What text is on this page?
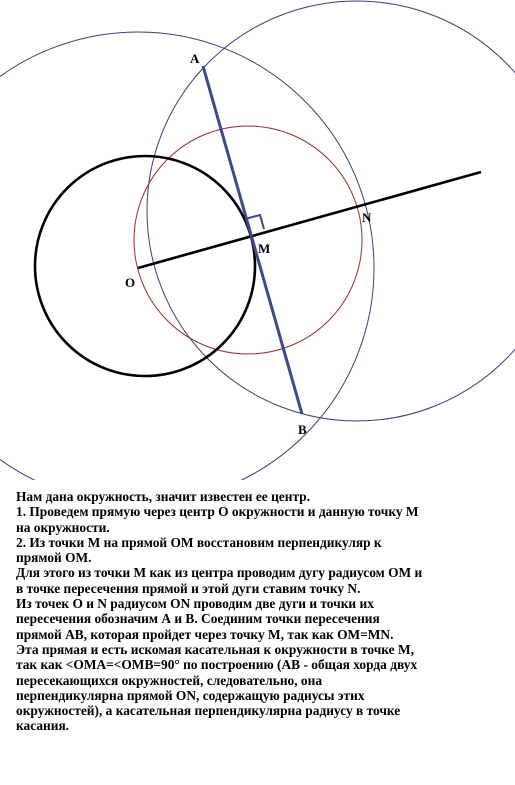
A
B
O
M
N
Нам дана окружность, значит известен ее центр.
1. Проведем прямую через центр О окружности и данную точку М
на окружности.
2. Из точки М на прямой ОМ восстановим перпендикуляр к
прямой ОМ.
Для этого из точки М как из центра проводим дугу радиусом ОМ и
в точке пересечения прямой и этой дуги ставим точку N.
Из точек О и N радиусом ОN проводим две дуги и точки их
пересечения обозначим А и В. Соединим точки пересечения
прямой АВ, которая пройдет через точку М, так как ОМ=МN.
Эта прямая и есть искомая касательная к окружности в точке М,
так как <ОМА=<ОМВ=90° по построению (АВ - общая хорда двух
пересекающихся окружностей, следовательно, она
перпендикулярна прямой ОN, содержащую радиусы этих
окружностей), а касательная перпендикулярна радиусу в точке
касания.
